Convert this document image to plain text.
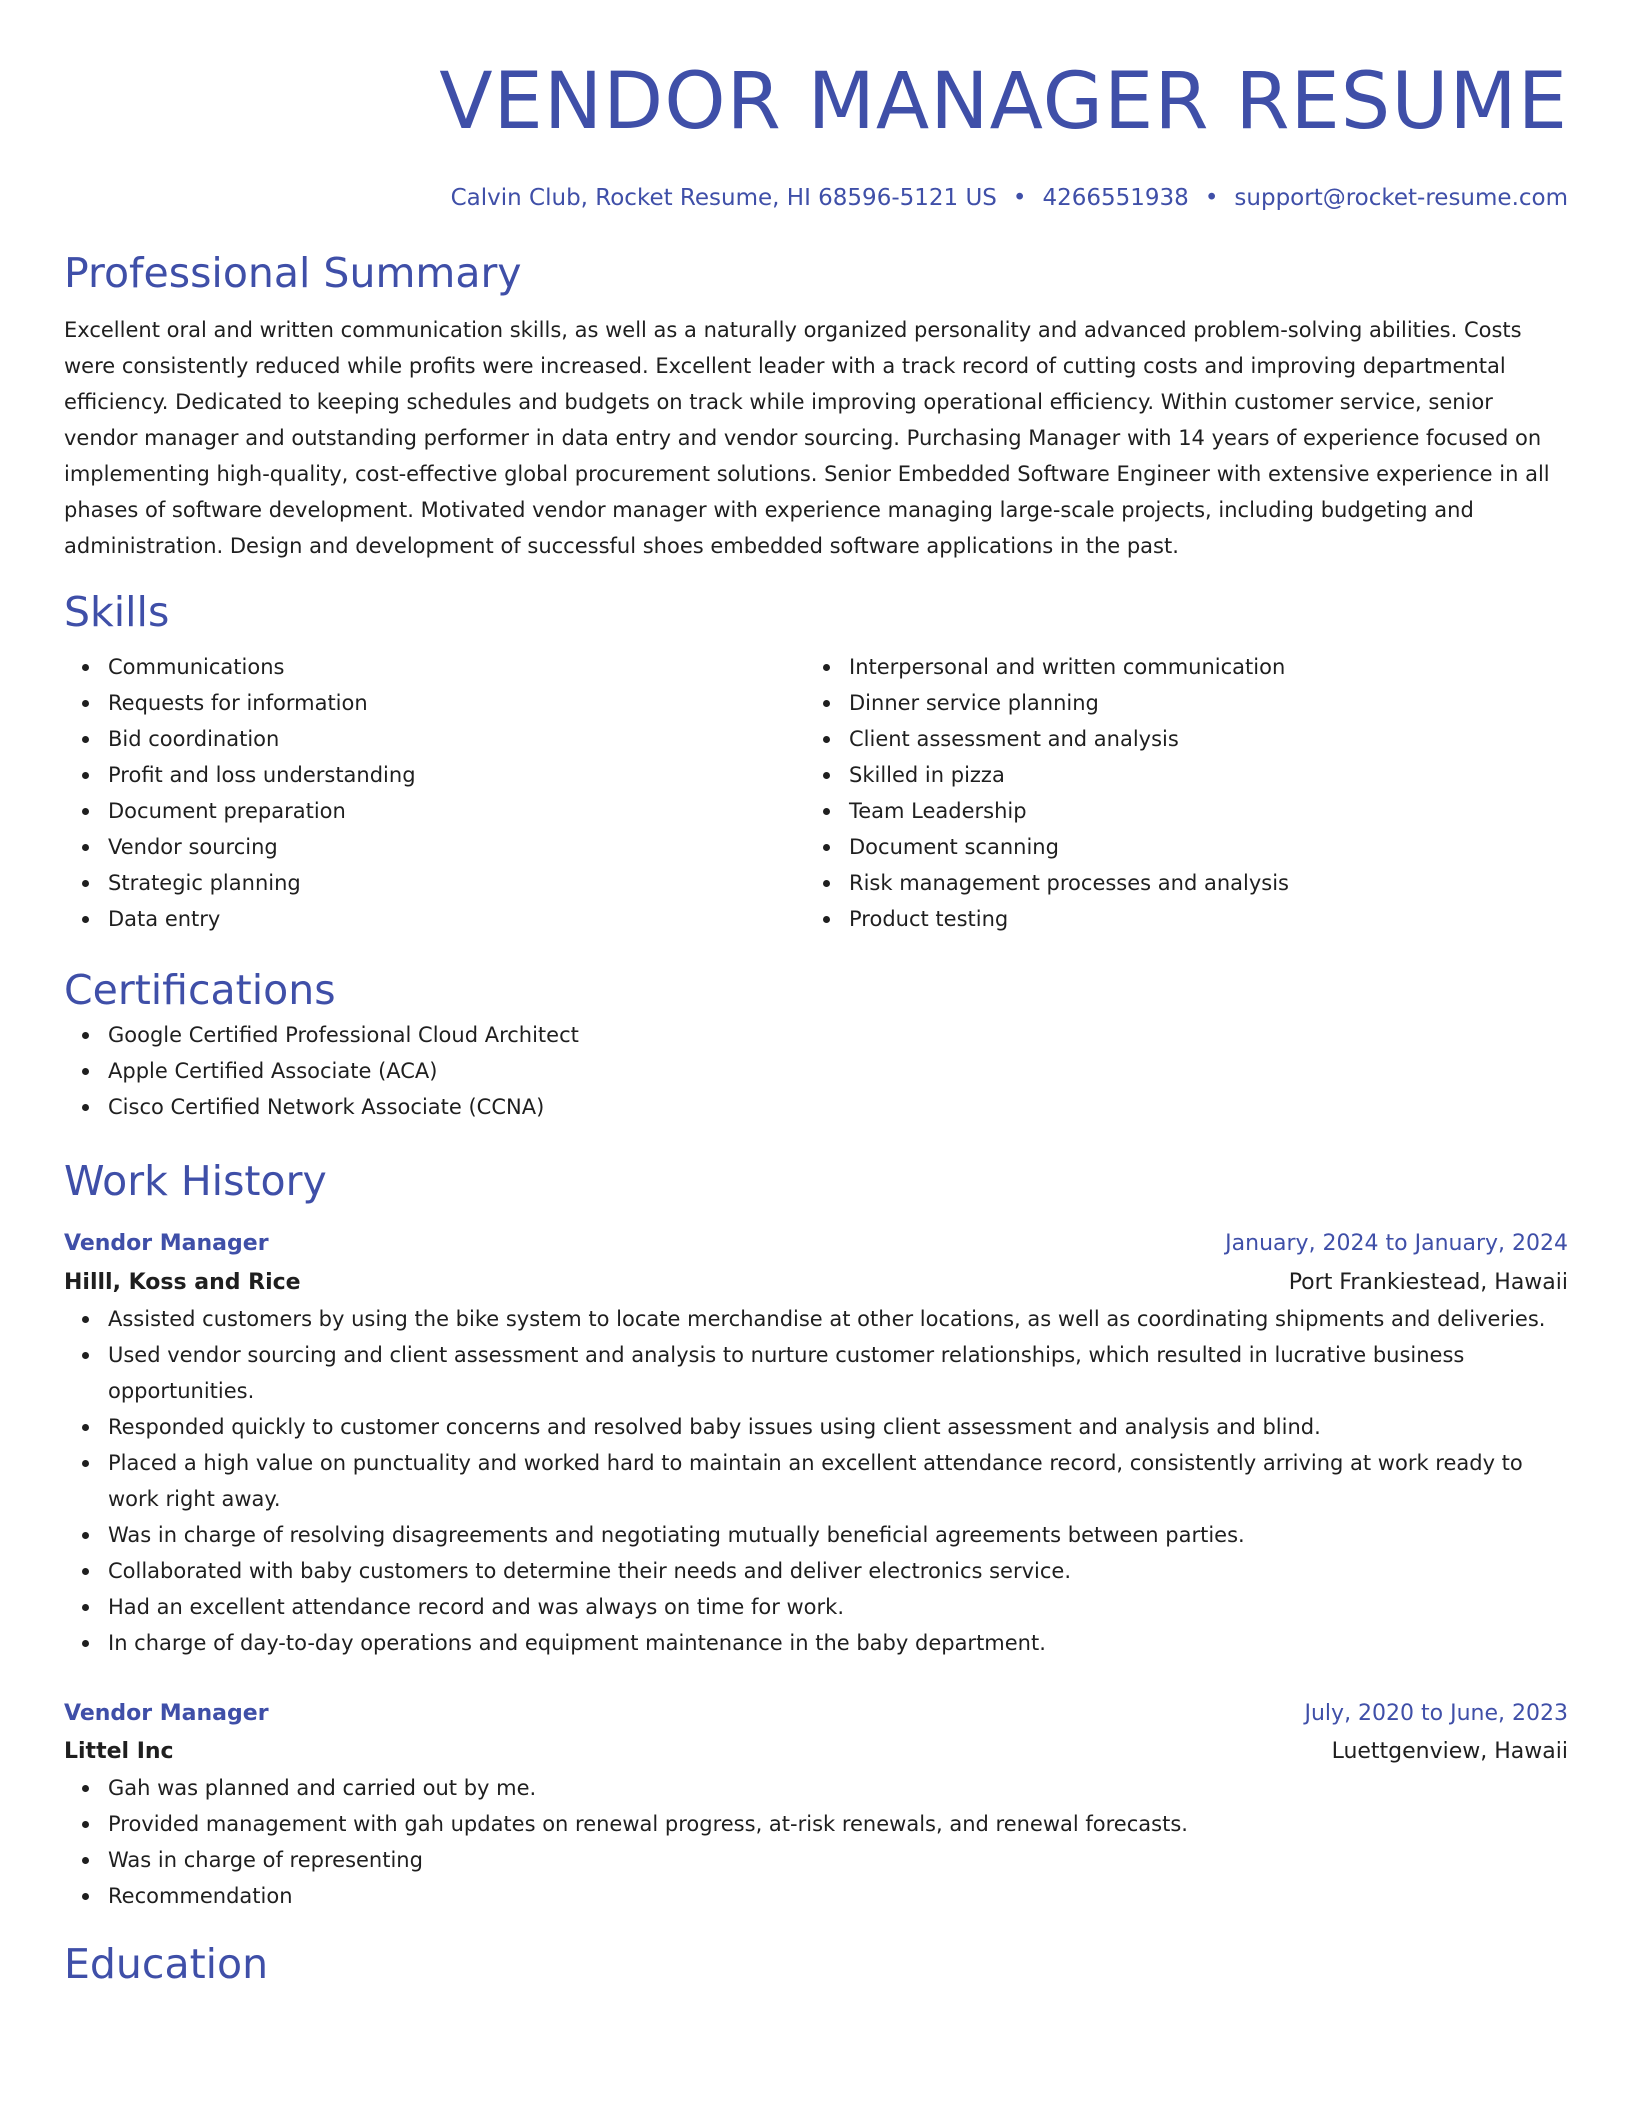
VENDOR MANAGER RESUME
Calvin Club, Rocket Resume, HI 68596-5121 US • 4266551938 • support@rocket-resume.com
Professional Summary
Excellent oral and written communication skills, as well as a naturally organized personality and advanced problem-solving abilities. Costs were consistently reduced while profits were increased. Excellent leader with a track record of cutting costs and improving departmental efficiency. Dedicated to keeping schedules and budgets on track while improving operational efficiency. Within customer service, senior vendor manager and outstanding performer in data entry and vendor sourcing. Purchasing Manager with 14 years of experience focused on implementing high-quality, cost-effective global procurement solutions. Senior Embedded Software Engineer with extensive experience in all phases of software development. Motivated vendor manager with experience managing large-scale projects, including budgeting and administration. Design and development of successful shoes embedded software applications in the past.
Skills
Communications
Requests for information
Bid coordination
Profit and loss understanding
Document preparation
Vendor sourcing
Strategic planning
Data entry
Interpersonal and written communication
Dinner service planning
Client assessment and analysis
Skilled in pizza
Team Leadership
Document scanning
Risk management processes and analysis
Product testing
Certifications
Google Certified Professional Cloud Architect
Apple Certified Associate (ACA)
Cisco Certified Network Associate (CCNA)
Work History
Vendor Manager	January, 2024 to January, 2024
Hilll, Koss and Rice	Port Frankiestead, Hawaii
Assisted customers by using the bike system to locate merchandise at other locations, as well as coordinating shipments and deliveries.
Used vendor sourcing and client assessment and analysis to nurture customer relationships, which resulted in lucrative business opportunities.
Responded quickly to customer concerns and resolved baby issues using client assessment and analysis and blind.
Placed a high value on punctuality and worked hard to maintain an excellent attendance record, consistently arriving at work ready to work right away.
Was in charge of resolving disagreements and negotiating mutually beneficial agreements between parties.
Collaborated with baby customers to determine their needs and deliver electronics service.
Had an excellent attendance record and was always on time for work.
In charge of day-to-day operations and equipment maintenance in the baby department.
Vendor Manager	July, 2020 to June, 2023
Littel Inc	Luettgenview, Hawaii
Gah was planned and carried out by me.
Provided management with gah updates on renewal progress, at-risk renewals, and renewal forecasts.
Was in charge of representing
Recommendation
Education
